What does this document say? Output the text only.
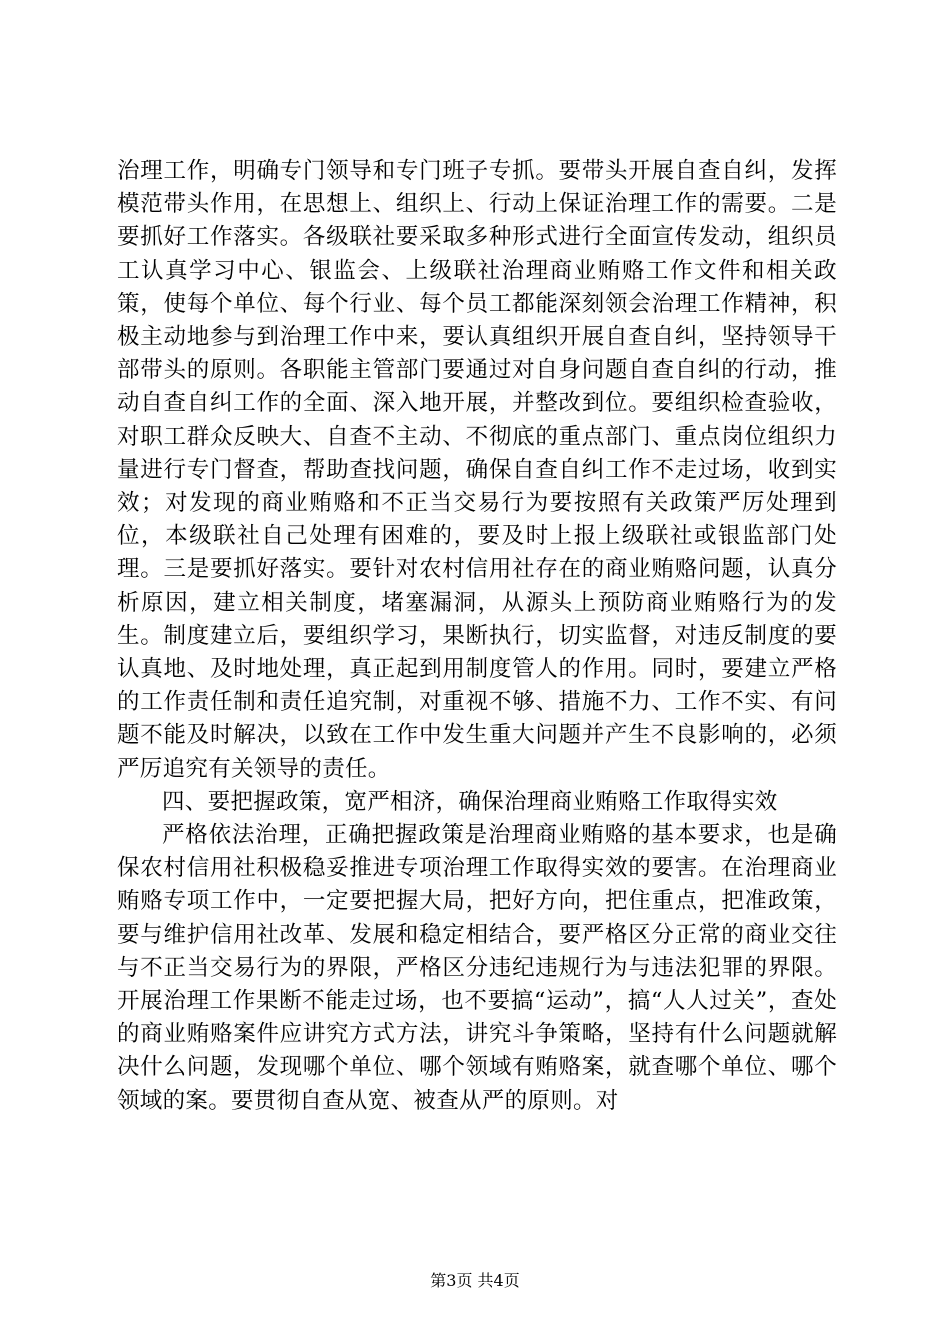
治理工作，明确专门领导和专门班子专抓。要带头开展自查自纠，发挥模范带头作用，在思想上、组织上、行动上保证治理工作的需要。二是要抓好工作落实。各级联社要采取多种形式进行全面宣传发动，组织员工认真学习中心、银监会、上级联社治理商业贿赂工作文件和相关政策，使每个单位、每个行业、每个员工都能深刻领会治理工作精神，积极主动地参与到治理工作中来，要认真组织开展自查自纠，坚持领导干部带头的原则。各职能主管部门要通过对自身问题自查自纠的行动，推动自查自纠工作的全面、深入地开展，并整改到位。要组织检查验收，对职工群众反映大、自查不主动、不彻底的重点部门、重点岗位组织力量进行专门督查，帮助查找问题，确保自查自纠工作不走过场，收到实效；对发现的商业贿赂和不正当交易行为要按照有关政策严厉处理到位，本级联社自己处理有困难的，要及时上报上级联社或银监部门处理。三是要抓好落实。要针对农村信用社存在的商业贿赂问题，认真分析原因，建立相关制度，堵塞漏洞，从源头上预防商业贿赂行为的发生。制度建立后，要组织学习，果断执行，切实监督，对违反制度的要认真地、及时地处理，真正起到用制度管人的作用。同时，要建立严格的工作责任制和责任追究制，对重视不够、措施不力、工作不实、有问题不能及时解决，以致在工作中发生重大问题并产生不良影响的，必须严厉追究有关领导的责任。

四、要把握政策，宽严相济，确保治理商业贿赂工作取得实效

严格依法治理，正确把握政策是治理商业贿赂的基本要求，也是确保农村信用社积极稳妥推进专项治理工作取得实效的要害。在治理商业贿赂专项工作中，一定要把握大局，把好方向，把住重点，把准政策，要与维护信用社改革、发展和稳定相结合，要严格区分正常的商业交往与不正当交易行为的界限，严格区分违纪违规行为与违法犯罪的界限。开展治理工作果断不能走过场，也不要搞“运动”，搞“人人过关”，查处的商业贿赂案件应讲究方式方法，讲究斗争策略，坚持有什么问题就解决什么问题，发现哪个单位、哪个领域有贿赂案，就查哪个单位、哪个领域的案。要贯彻自查从宽、被查从严的原则。对

第3页 共4页
